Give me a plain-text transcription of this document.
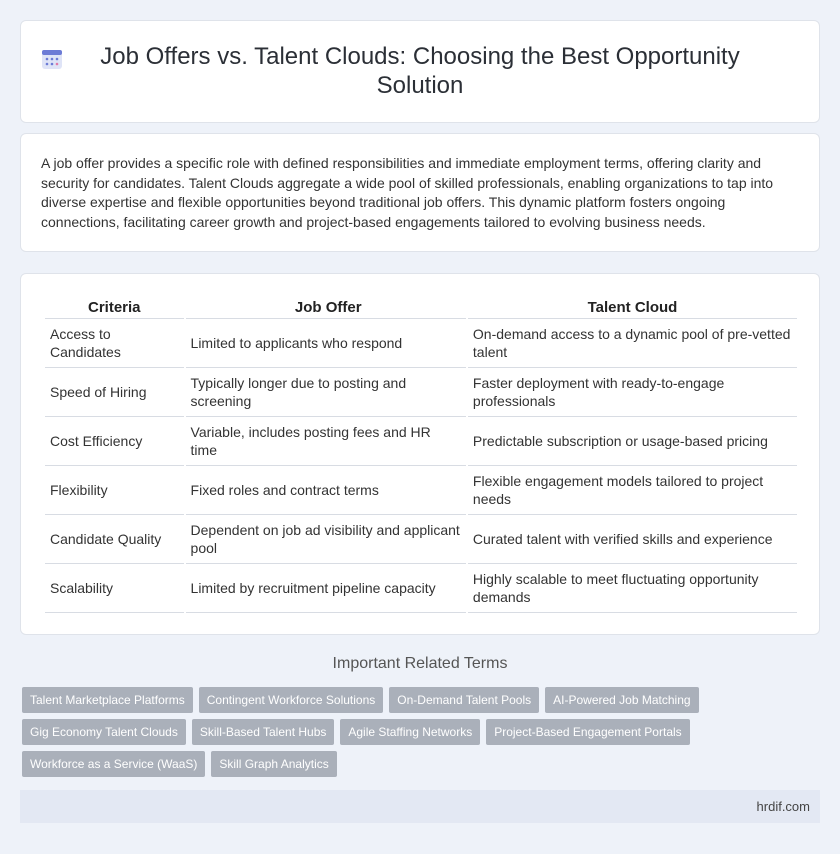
Job Offers vs. Talent Clouds: Choosing the Best Opportunity Solution

A job offer provides a specific role with defined responsibilities and immediate employment terms, offering clarity and security for candidates. Talent Clouds aggregate a wide pool of skilled professionals, enabling organizations to tap into diverse expertise and flexible opportunities beyond traditional job offers. This dynamic platform fosters ongoing connections, facilitating career growth and project-based engagements tailored to evolving business needs.

Criteria	Job Offer	Talent Cloud
Access to Candidates	Limited to applicants who respond	On-demand access to a dynamic pool of pre-vetted talent
Speed of Hiring	Typically longer due to posting and screening	Faster deployment with ready-to-engage professionals
Cost Efficiency	Variable, includes posting fees and HR time	Predictable subscription or usage-based pricing
Flexibility	Fixed roles and contract terms	Flexible engagement models tailored to project needs
Candidate Quality	Dependent on job ad visibility and applicant pool	Curated talent with verified skills and experience
Scalability	Limited by recruitment pipeline capacity	Highly scalable to meet fluctuating opportunity demands
Important Related Terms
Talent Marketplace Platforms	Contingent Workforce Solutions	On-Demand Talent Pools	AI-Powered Job Matching
Gig Economy Talent Clouds	Skill-Based Talent Hubs	Agile Staffing Networks	Project-Based Engagement Portals
Workforce as a Service (WaaS)	Skill Graph Analytics
hrdif.com
